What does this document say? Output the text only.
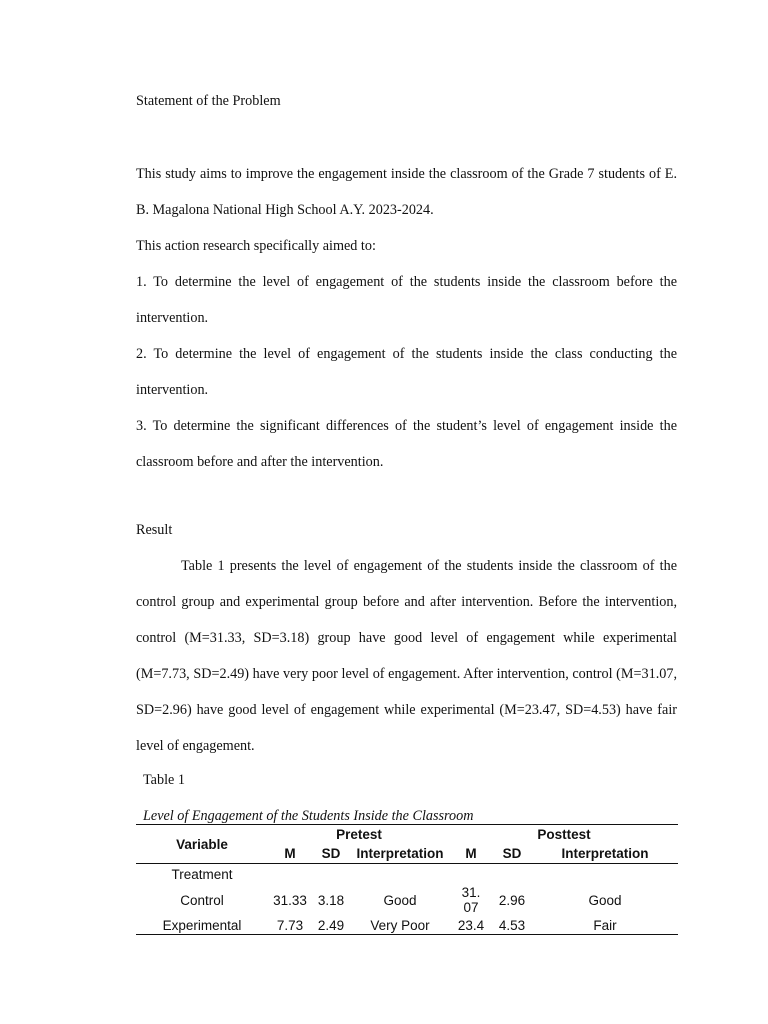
Statement of the Problem

This study aims to improve the engagement inside the classroom of the Grade 7 students of E. B. Magalona National High School A.Y. 2023-2024.

This action research specifically aimed to:

1. To determine the level of engagement of the students inside the classroom before the intervention.

2. To determine the level of engagement of the students inside the class conducting the intervention.

3. To determine the significant differences of the student’s level of engagement inside the classroom before and after the intervention.

Result

Table 1 presents the level of engagement of the students inside the classroom of the control group and experimental group before and after intervention. Before the intervention, control (M=31.33, SD=3.18) group have good level of engagement while experimental (M=7.73, SD=2.49) have very poor level of engagement. After intervention, control (M=31.07, SD=2.96) have good level of engagement while experimental (M=23.47, SD=4.53) have fair level of engagement.

Table 1
Level of Engagement of the Students Inside the Classroom
Variable	Pretest			Posttest		
	M	SD	Interpretation	M	SD	Interpretation
Treatment						
Control	31.33	3.18	Good	31.07	2.96	Good
Experimental	7.73	2.49	Very Poor	23.4	4.53	Fair
